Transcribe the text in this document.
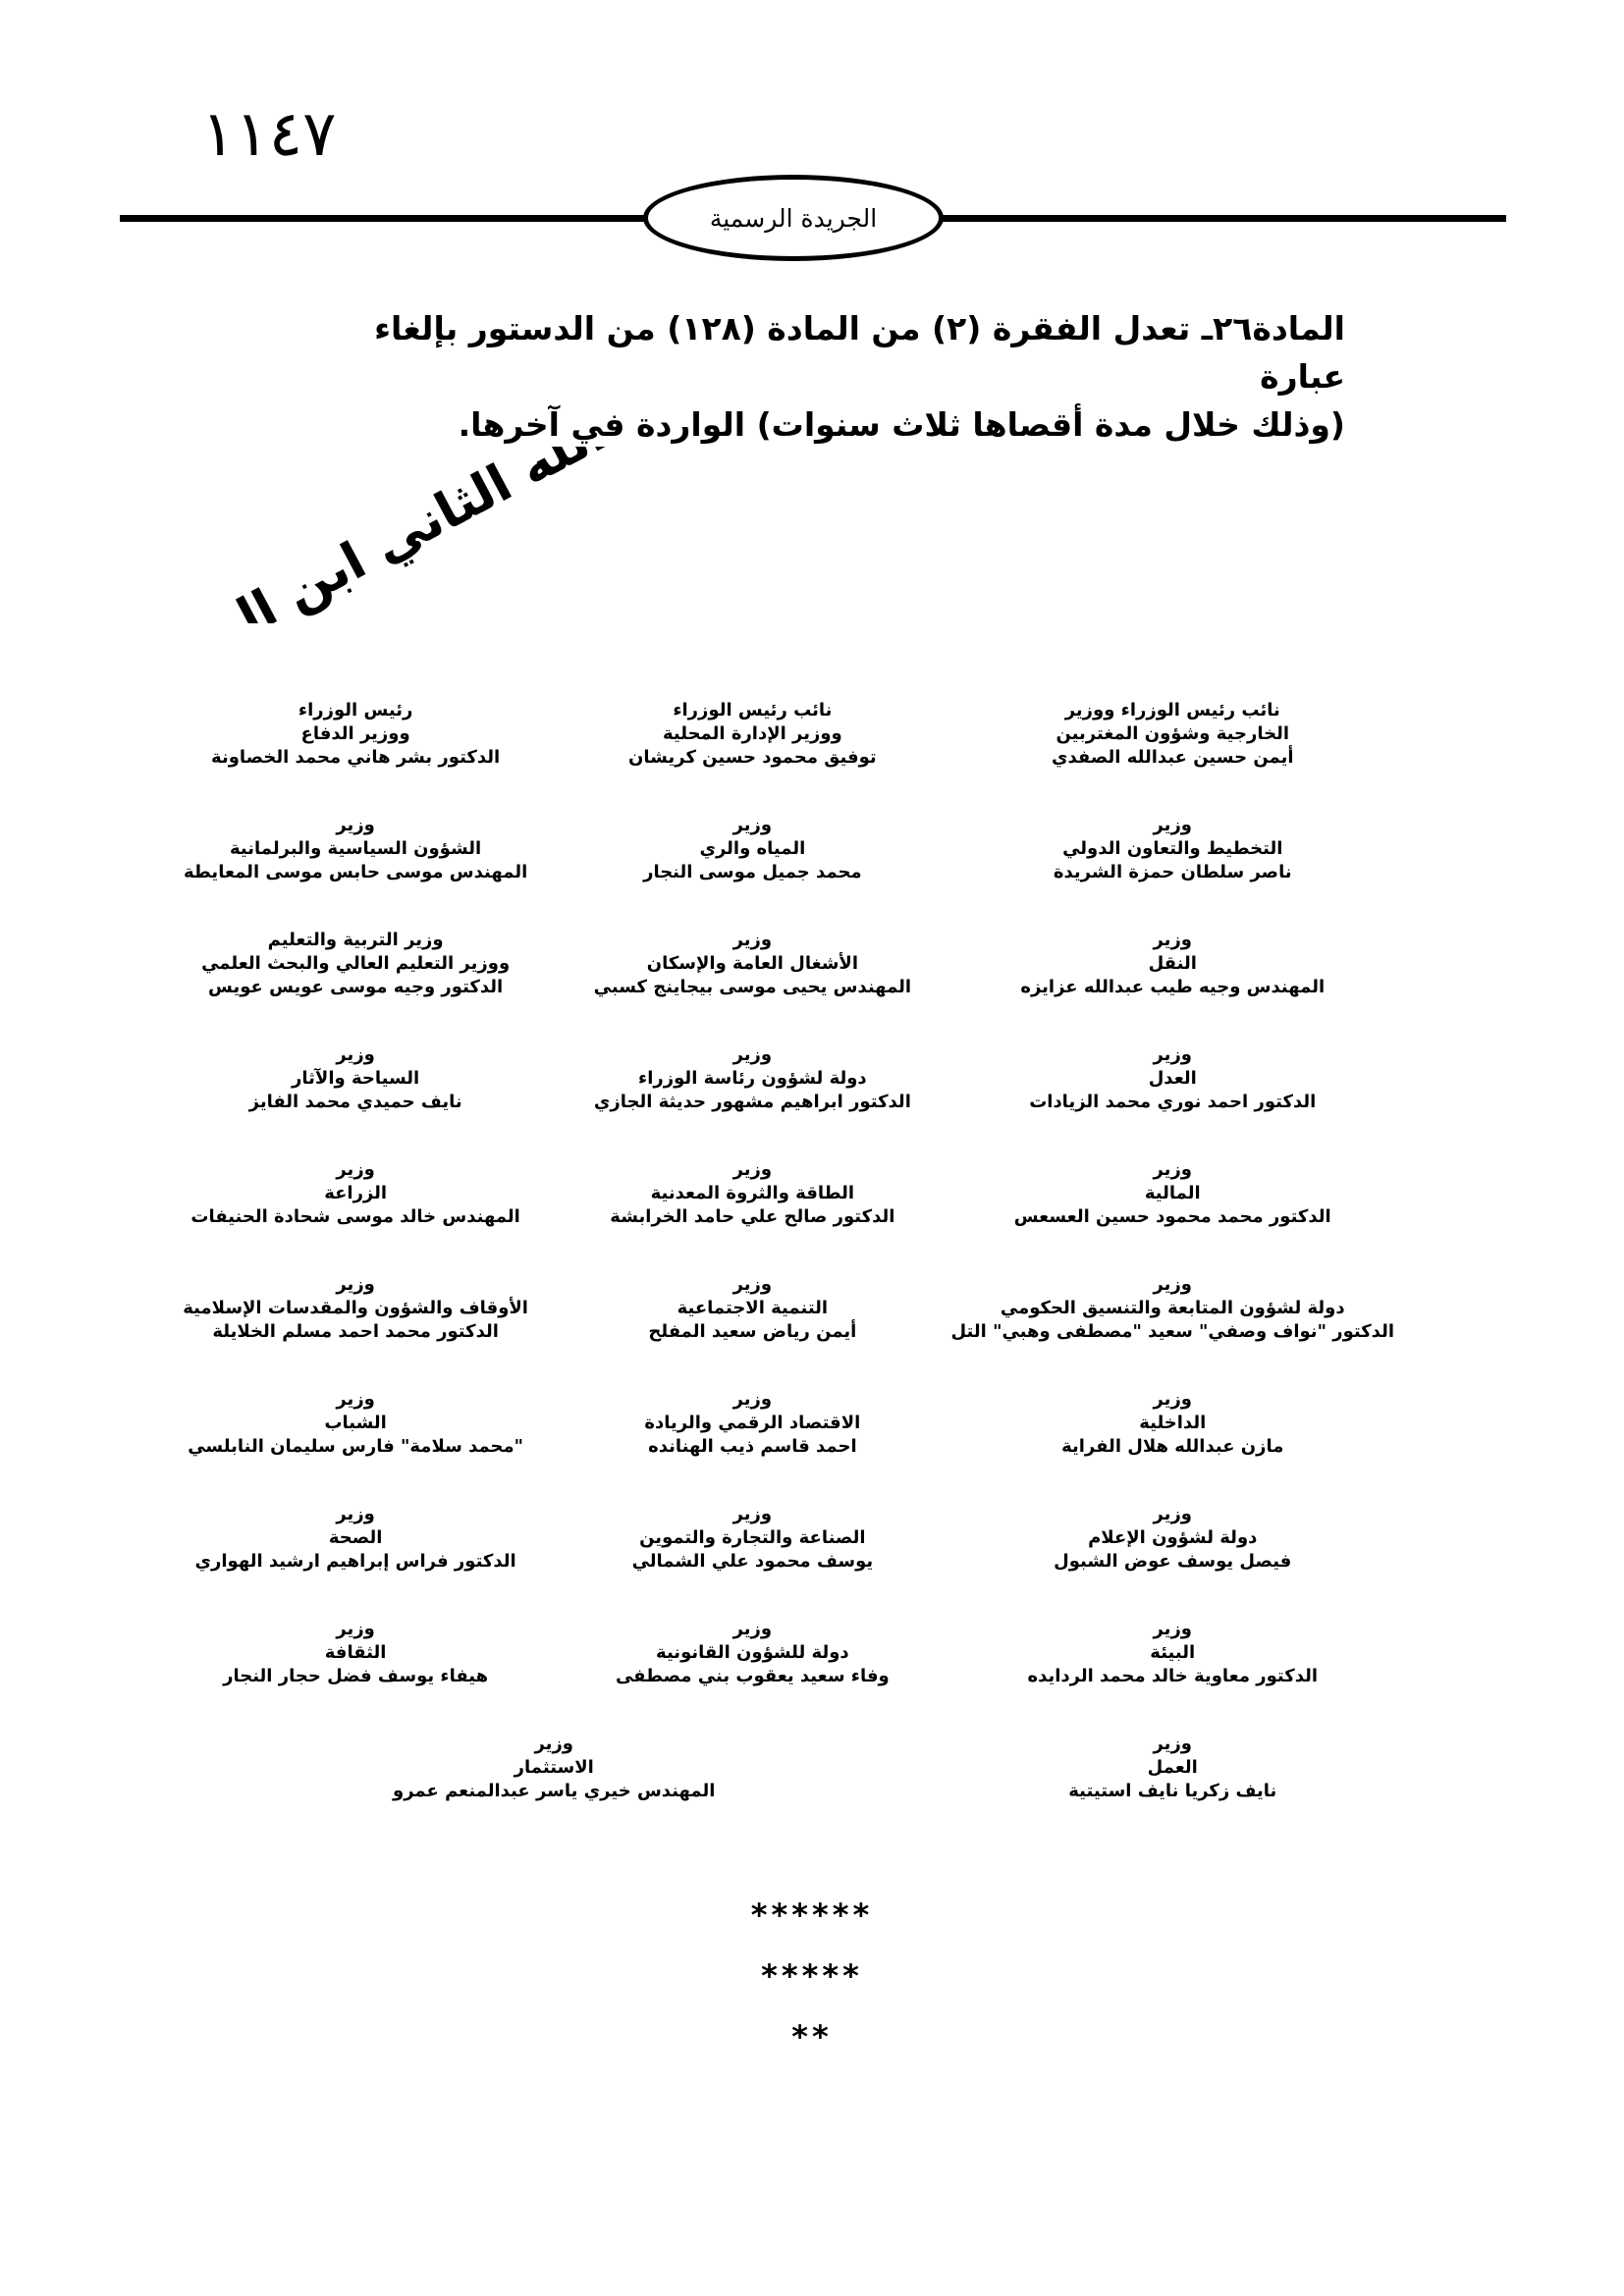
١١٤٧
الجريدة الرسمية

المادة٢٦ـ تعدل الفقرة (٢) من المادة (١٢٨) من الدستور بإلغاء عبارة

(وذلك خلال مدة أقصاها ثلاث سنوات) الواردة في آخرها.

نائب رئيس الوزراء ووزير
الخارجية وشؤون المغتربين
أيمن حسين عبدالله الصفدي
نائب رئيس الوزراء
ووزير الإدارة المحلية
توفيق محمود حسين كريشان
رئيس الوزراء
ووزير الدفاع
الدكتور بشر هاني محمد الخصاونة
وزير
التخطيط والتعاون الدولي
ناصر سلطان حمزة الشريدة
وزير
المياه والري
محمد جميل موسى النجار
وزير
الشؤون السياسية والبرلمانية
المهندس موسى حابس موسى المعايطة
وزير
النقل
المهندس وجيه طيب عبدالله عزايزه
وزير
الأشغال العامة والإسكان
المهندس يحيى موسى بيجاينج كسبي
وزير التربية والتعليم
ووزير التعليم العالي والبحث العلمي
الدكتور وجيه موسى عويس عويس
وزير
العدل
الدكتور احمد نوري محمد الزيادات
وزير
دولة لشؤون رئاسة الوزراء
الدكتور ابراهيم مشهور حديثة الجازي
وزير
السياحة والآثار
نايف حميدي محمد الفايز
وزير
المالية
الدكتور محمد محمود حسين العسعس
وزير
الطاقة والثروة المعدنية
الدكتور صالح علي حامد الخرابشة
وزير
الزراعة
المهندس خالد موسى شحادة الحنيفات
وزير
دولة لشؤون المتابعة والتنسيق الحكومي
الدكتور "نواف وصفي" سعيد "مصطفى وهبي" التل
وزير
التنمية الاجتماعية
أيمن رياض سعيد المفلح
وزير
الأوقاف والشؤون والمقدسات الإسلامية
الدكتور محمد احمد مسلم الخلايلة
وزير
الداخلية
مازن عبدالله هلال الفراية
وزير
الاقتصاد الرقمي والريادة
احمد قاسم ذيب الهنانده
وزير
الشباب
"محمد سلامة" فارس سليمان النابلسي
وزير
دولة لشؤون الإعلام
فيصل يوسف عوض الشبول
وزير
الصناعة والتجارة والتموين
يوسف محمود علي الشمالي
وزير
الصحة
الدكتور فراس إبراهيم ارشيد الهواري
وزير
البيئة
الدكتور معاوية خالد محمد الردايده
وزير
دولة للشؤون القانونية
وفاء سعيد يعقوب بني مصطفى
وزير
الثقافة
هيفاء يوسف فضل حجار النجار
وزير
العمل
نايف زكريا نايف استيتية
وزير
الاستثمار
المهندس خيري ياسر عبدالمنعم عمرو
******
*****
**
